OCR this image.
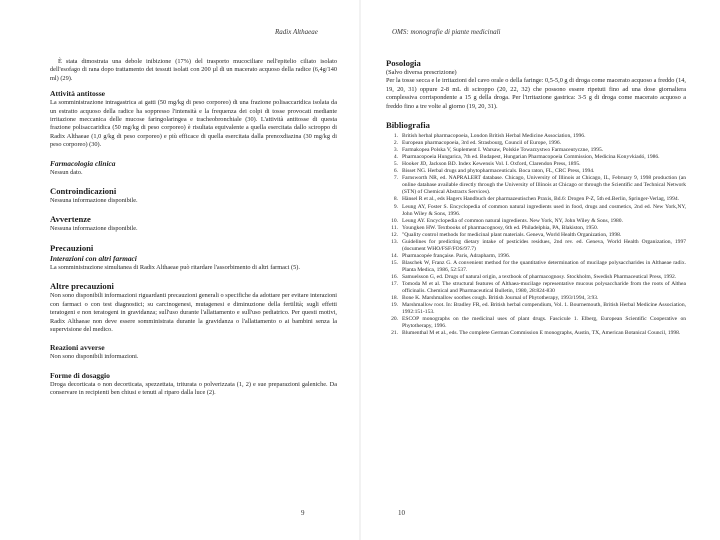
Radix Althaeae

È stata dimostrata una debole inibizione (17%) del trasporto mucociliare nell'epitelio ciliato isolato dell'esofago di rana dopo trattamento dei tessuti isolati con 200 µl di un macerato acquoso della radice (6,4g/140 ml) (29).

Attività antitosse

La somministrazione intragastrica ai gatti (50 mg/kg di peso corporeo) di una frazione polisaccaridica isolata da un estratto acquoso della radice ha soppresso l'intensità e la frequenza dei colpi di tosse provocati mediante irritazione meccanica delle mucose faringolaringea e tracheobronchiale (30). L'attività antitosse di questa frazione polisaccaridica (50 mg/kg di peso corporeo) è risultata equivalente a quella esercitata dallo sciroppo di Radix Althaeae (1,0 g/kg di peso corporeo) e più efficace di quella esercitata dalla prenoxdiazina (30 mg/kg di peso corporeo) (30).

Farmacologia clinica

Nessun dato.

Controindicazioni

Nessuna informazione disponibile.

Avvertenze

Nessuna informazione disponibile.

Precauzioni
Interazioni con altri farmaci

La somministrazione simultanea di Radix Althaeae può ritardare l'assorbimento di altri farmaci (5).

Altre precauzioni

Non sono disponibili informazioni riguardanti precauzioni generali o specifiche da adottare per evitare interazioni con farmaci o con test diagnostici; su carcinogenesi, mutagenesi e diminuzione della fertilità; sugli effetti teratogeni e non teratogeni in gravidanza; sull'uso durante l'allattamento e sull'uso pediatrico. Per questi motivi, Radix Althaeae non deve essere somministrata durante la gravidanza o l'allattamento o ai bambini senza la supervisione del medico.

Reazioni avverse

Non sono disponibili informazioni.

Forme di dosaggio

Droga decorticata o non decorticata, spezzettata, triturata o polverizzata (1, 2) e sue preparazioni galeniche. Da conservare in recipienti ben chiusi e tenuti al riparo dalla luce (2).

9
OMS: monografie di piante medicinali
Posologia

(Salvo diversa prescrizione)
Per la tosse secca e le irritazioni del cavo orale o della faringe: 0,5-5,0 g di droga come macerato acquoso a freddo (14, 19, 20, 31) oppure 2-8 mL di sciroppo (20, 22, 32) che possono essere ripetuti fino ad una dose giornaliera complessiva corrispondente a 15 g della droga. Per l'irritazione gastrica: 3-5 g di droga come macerato acquoso a freddo fino a tre volte al giorno (19, 20, 31).

Bibliografia
1. British herbal pharmacopoeia, London British Herbal Medicine Association, 1996.
2. European pharmacopoeia, 3rd ed. Strasbourg, Council of Europe, 1996.
3. Farmakopea Polska V, Suplement I. Warsaw, Polskie Towarzystwo Farmaceutyczne, 1995.
4. Pharmacopoeia Hungarica, 7th ed. Budapest, Hungarian Pharmacopoeia Commission, Medicina Konyvkiadó, 1986.
5. Hooker JD, Jackson BD. Index Kewensis Vol. I. Oxford, Clarendon Press, 1895.
6. Bisset NG. Herbal drugs and phytopharmaceuticals. Boca raton, FL, CRC Press, 1994.
7. Farnsworth NR, ed. NAPRALERT database. Chicago, University of Illinois at Chicago, IL, February 9, 1998 production (an online database available directly through the University of Illinois at Chicago or through the Scientific and Technical Network (STN) of Chemical Abstracts Services).
8. Hänsel R et al., eds Hagers Handbuch der pharmazeutischen Praxis, Bd.6: Drogen P-Z, 5th ed.Berlin, Springer-Verlag, 1994.
9. Leung AY, Foster S. Encyclopedia of common natural ingredients used in food, drugs and cosmetics, 2nd ed. New York,NY, John Wiley & Sons, 1996.
10. Leung AY. Encyclopedia of common natural ingredients. New York, NY, John Wiley & Sons, 1980.
11. Youngken HW. Textbooks of pharmacognosy, 6th ed. Philadelphia, PA, Blakiston, 1950.
12. "Quality control methods for medicinal plant materials. Geneva, World Health Organization, 1998.
13. Guidelines for predicting dietary intake of pesticides residues, 2nd rev. ed. Geneva, World Health Organization, 1997 (document WHO/FSF/FOS/97.7)
14. Pharmacopée française. Paris, Adrapharm, 1996.
15. Blaschek W, Franz G. A convenient method for the quantitative determination of mucilage polysaccharides in Althaeae radix. Planta Medica, 1986, 52:537.
16. Samuelsson G, ed. Drugs of natural origin, a textbook of pharmacognosy. Stockholm, Swedish Pharmaceutical Press, 1992.
17. Tomoda M et al. The structural features of Althaea-mucilage representative mucous polysaccharide from the roots of Althea officinalis. Chemical and Pharmaceutical Bulletin, 1980, 28:824-830
18. Bone K. Marshmallow soothes cough. British Journal of Phytotherapy, 1993/1994, 3:93.
19. Marshmallow root. In: Bradley FR, ed. British herbal compendium, Vol. 1. Bournemouth, British Herbal Medicine Association, 1992:151-153.
20. ESCOP monographs on the medicinal uses of plant drugs. Fascicule 1. Elberg, European Scientific Cooperative on Phytotherapy, 1996.
21. Blumenthal M et al., eds. The complete German Commission E monographs, Austin, TX, American Botanical Council, 1998.
10
